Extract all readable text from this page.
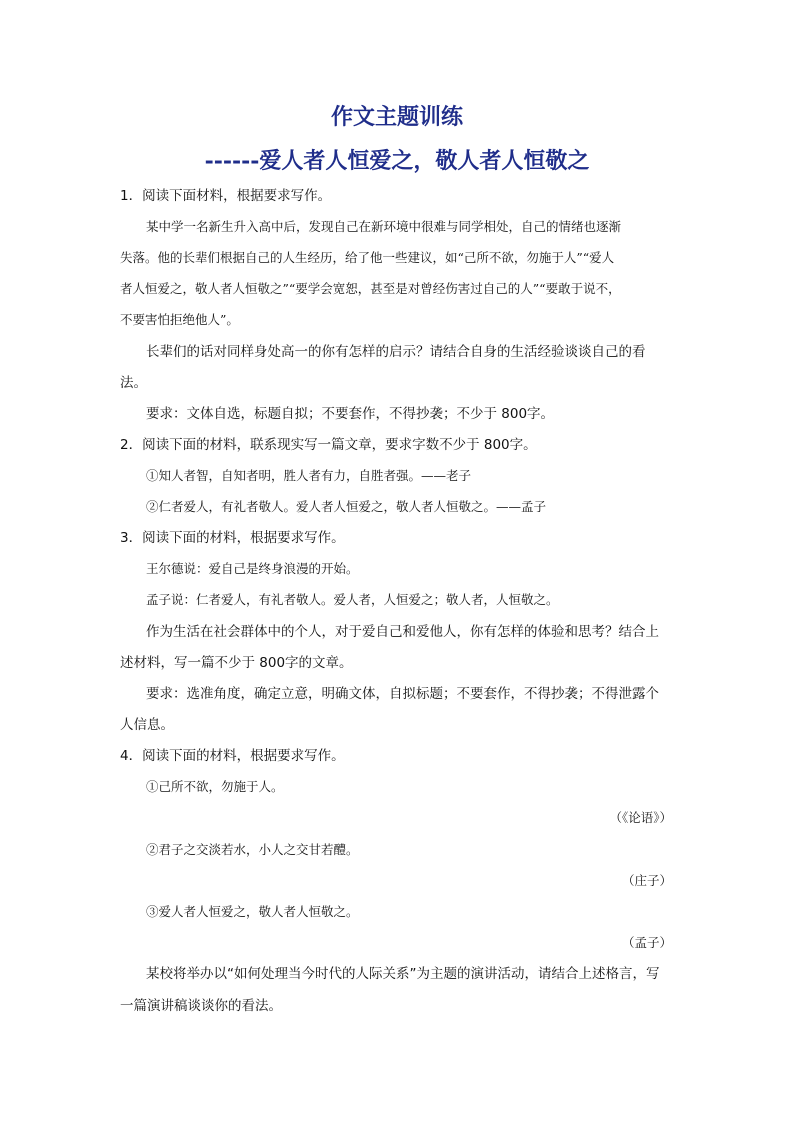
作文主题训练
------爱人者人恒爱之，敬人者人恒敬之
1．阅读下面材料，根据要求写作。
某中学一名新生升入高中后，发现自己在新环境中很难与同学相处，自己的情绪也逐渐
失落。他的长辈们根据自己的人生经历，给了他一些建议，如“己所不欲，勿施于人”“爱人
者人恒爱之，敬人者人恒敬之”“要学会宽恕，甚至是对曾经伤害过自己的人”“要敢于说不，
不要害怕拒绝他人”。
长辈们的话对同样身处高一的你有怎样的启示？请结合自身的生活经验谈谈自己的看
法。
要求：文体自选，标题自拟；不要套作，不得抄袭；不少于 800字。
2．阅读下面的材料，联系现实写一篇文章，要求字数不少于 800字。
①知人者智，自知者明，胜人者有力，自胜者强。——老子
②仁者爱人，有礼者敬人。爱人者人恒爱之，敬人者人恒敬之。——孟子
3．阅读下面的材料，根据要求写作。
王尔德说：爱自己是终身浪漫的开始。
孟子说：仁者爱人，有礼者敬人。爱人者，人恒爱之；敬人者，人恒敬之。
作为生活在社会群体中的个人，对于爱自己和爱他人，你有怎样的体验和思考？结合上
述材料，写一篇不少于 800字的文章。
要求：选准角度，确定立意，明确文体，自拟标题；不要套作，不得抄袭；不得泄露个
人信息。
4．阅读下面的材料，根据要求写作。
①己所不欲，勿施于人。
（《论语》）
②君子之交淡若水，小人之交甘若醴。
（庄子）
③爱人者人恒爱之，敬人者人恒敬之。
（孟子）
某校将举办以“如何处理当今时代的人际关系”为主题的演讲活动，请结合上述格言，写
一篇演讲稿谈谈你的看法。
